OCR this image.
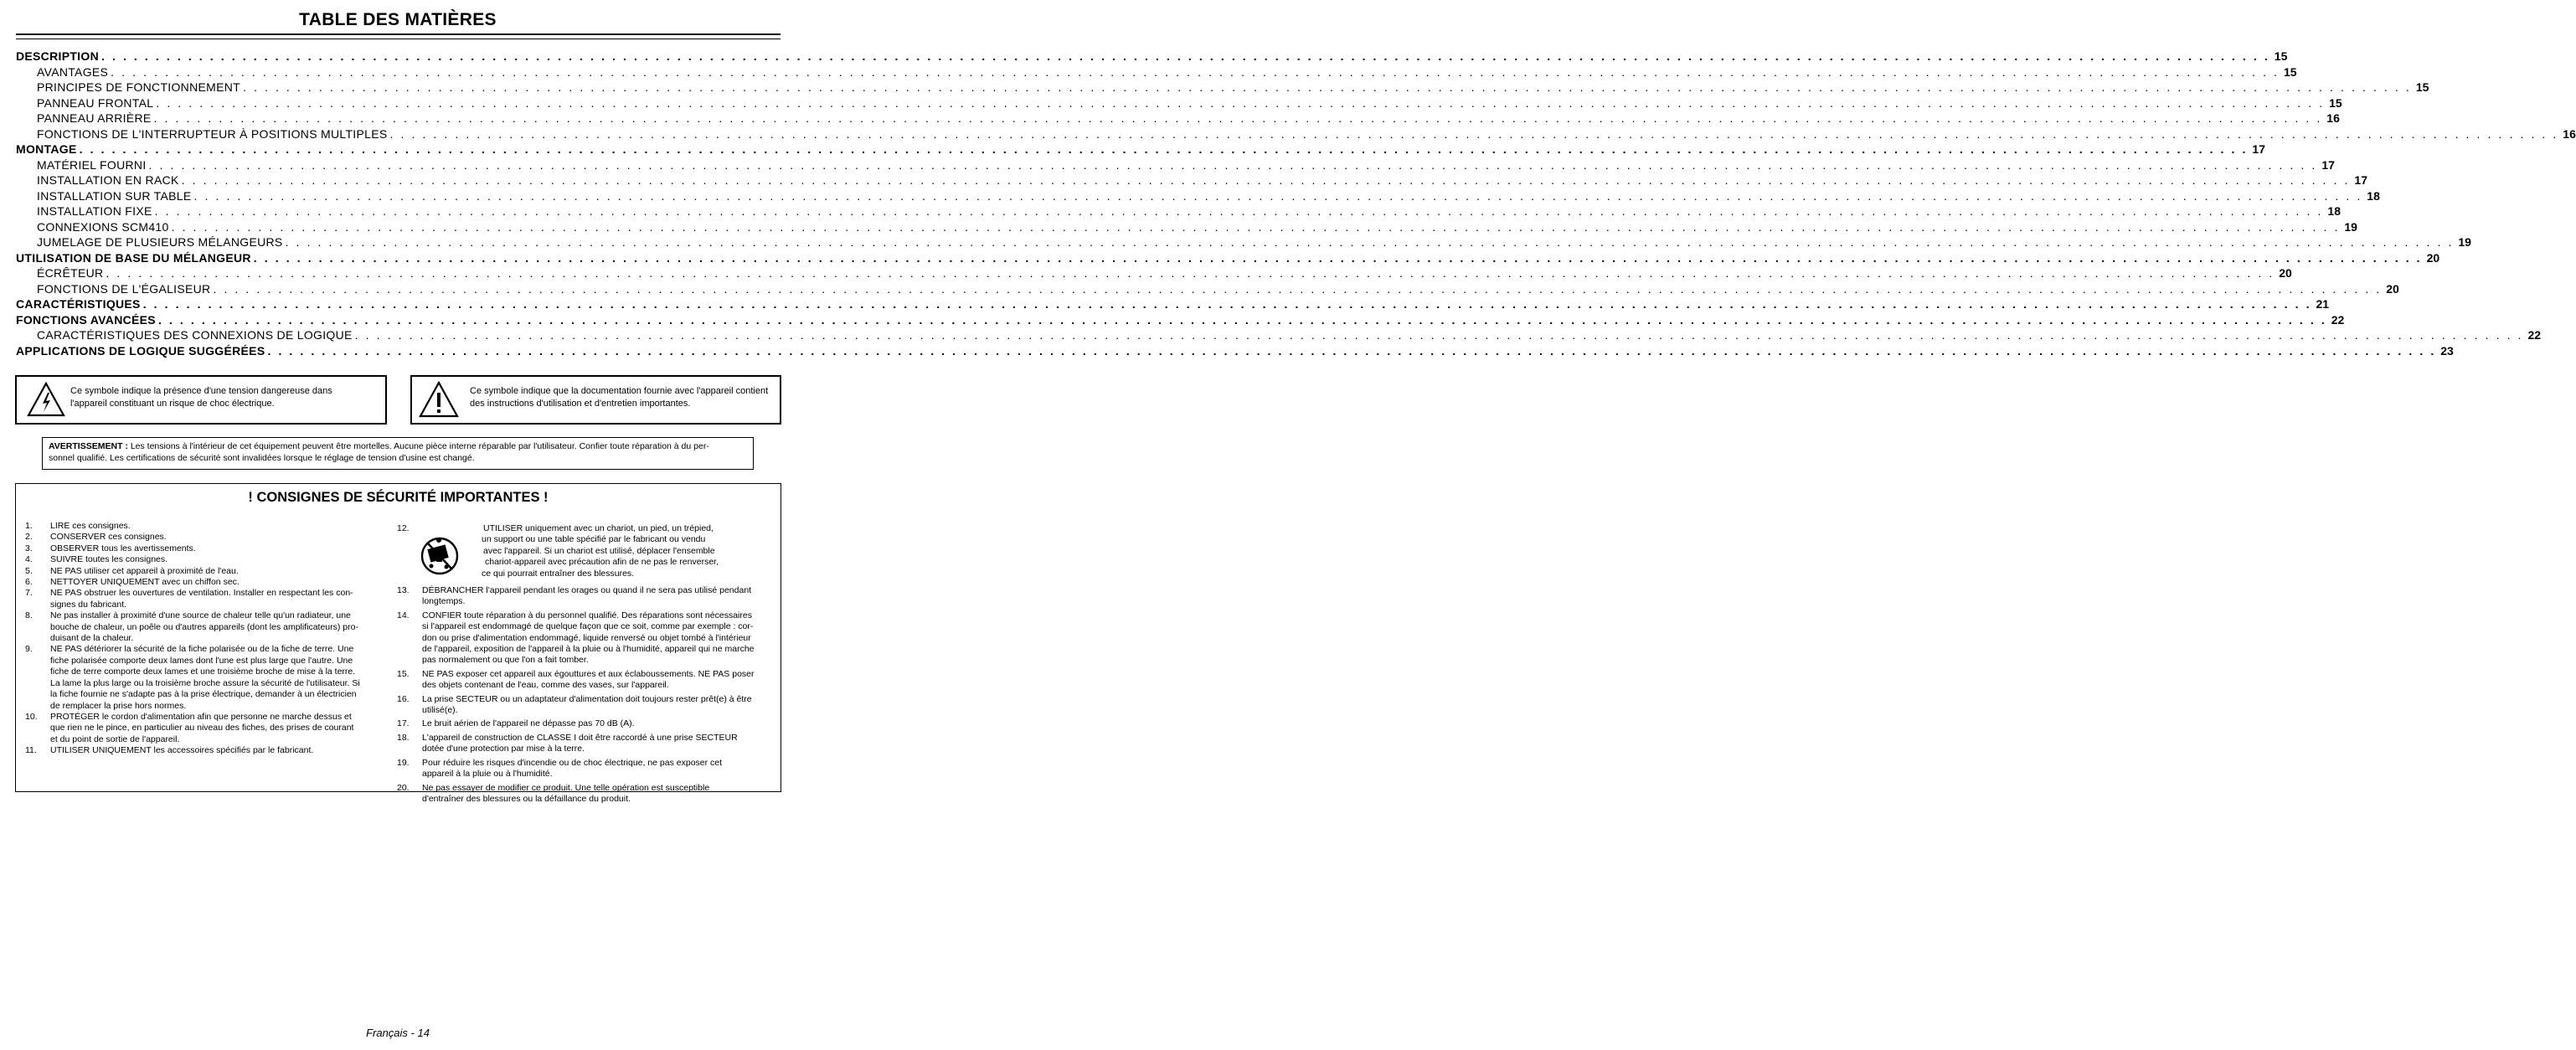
TABLE DES MATIÈRES
DESCRIPTION . . . . . . . . . . . . . . . . . . . . . . . . . . . . . . . . . . . . . . . . . . . . . . . . . . . . . . . . . . . . . . . . . . . . . . . . . . . . . . . . . . . . . . . . . . . . . . . . . . . . . . . . . . . . . . . . . . . . . . . . . . . . . . . . . . . . . . . . . . . . . . . . . . . . . . . . . . . . . . . . . . . . . . . . . . . . . . . . . . . . . . . . . . . . . . . . . . . . . . . . 15
AVANTAGES . . . . . . . . . . . . . . . . . . . . . . . . . . . . . . . . . . . . . . . . . . . . . . . . . . . . . . . . . . . . . . . . . . . . . . . . . . . . . . . . . . . . . . . . . . . . . . . . . . . . . . . . . . . . . . . . . . . . . . . . . . . . . . . . . . . . . . . . . . . . . . . . . . . . . . . . . . . . . . . . . . . . . . . . . . . . . . . . . . . . . . . . . . . . . . . . . . . . . . . . 15
PRINCIPES DE FONCTIONNEMENT . . . . . . . . . . . . . . . . . . . . . . . . . . . . . . . . . . . . . . . . . . . . . . . . . . . . . . . . . . . . . . . . . . . . . . . . . . . . . . . . . . . . . . . . . . . . . . . . . . . . . . . . . . . . . . . . . . . . . . . . . . . . . . . . . . . . . . . . . . . . . . . . . . . . . . . . . . . . . . . . . . . . . . . . . . . . . . . . . . . . . . . . . . . . . . . . . . . . . . . . 15
PANNEAU FRONTAL . . . . . . . . . . . . . . . . . . . . . . . . . . . . . . . . . . . . . . . . . . . . . . . . . . . . . . . . . . . . . . . . . . . . . . . . . . . . . . . . . . . . . . . . . . . . . . . . . . . . . . . . . . . . . . . . . . . . . . . . . . . . . . . . . . . . . . . . . . . . . . . . . . . . . . . . . . . . . . . . . . . . . . . . . . . . . . . . . . . . . . . . . . . . . . . . . . . . . . . . 15
PANNEAU ARRIÈRE . . . . . . . . . . . . . . . . . . . . . . . . . . . . . . . . . . . . . . . . . . . . . . . . . . . . . . . . . . . . . . . . . . . . . . . . . . . . . . . . . . . . . . . . . . . . . . . . . . . . . . . . . . . . . . . . . . . . . . . . . . . . . . . . . . . . . . . . . . . . . . . . . . . . . . . . . . . . . . . . . . . . . . . . . . . . . . . . . . . . . . . . . . . . . . . . . . . . . . . . 16
FONCTIONS DE L'INTERRUPTEUR À POSITIONS MULTIPLES . . . . . . . . . . . . . . . . . . . . . . . . . . . . . . . . . . . . . . . . . . . . . . . . . . . . . . . . . . . . . . . . . . . . . . . . . . . . . . . . . . . . . . . . . . . . . . . . . . . . . . . . . . . . . . . . . . . . . . . . . . . . . . . . . . . . . . . . . . . . . . . . . . . . . . . . . . . . . . . . . . . . . . . . . . . . . . . . . . . . . . . . . . . . . . . . . . . . . . . . 16
MONTAGE . . . . . . . . . . . . . . . . . . . . . . . . . . . . . . . . . . . . . . . . . . . . . . . . . . . . . . . . . . . . . . . . . . . . . . . . . . . . . . . . . . . . . . . . . . . . . . . . . . . . . . . . . . . . . . . . . . . . . . . . . . . . . . . . . . . . . . . . . . . . . . . . . . . . . . . . . . . . . . . . . . . . . . . . . . . . . . . . . . . . . . . . . . . . . . . . . . . . . . . . 17
MATÉRIEL FOURNI . . . . . . . . . . . . . . . . . . . . . . . . . . . . . . . . . . . . . . . . . . . . . . . . . . . . . . . . . . . . . . . . . . . . . . . . . . . . . . . . . . . . . . . . . . . . . . . . . . . . . . . . . . . . . . . . . . . . . . . . . . . . . . . . . . . . . . . . . . . . . . . . . . . . . . . . . . . . . . . . . . . . . . . . . . . . . . . . . . . . . . . . . . . . . . . . . . . . . . . . 17
INSTALLATION EN RACK . . . . . . . . . . . . . . . . . . . . . . . . . . . . . . . . . . . . . . . . . . . . . . . . . . . . . . . . . . . . . . . . . . . . . . . . . . . . . . . . . . . . . . . . . . . . . . . . . . . . . . . . . . . . . . . . . . . . . . . . . . . . . . . . . . . . . . . . . . . . . . . . . . . . . . . . . . . . . . . . . . . . . . . . . . . . . . . . . . . . . . . . . . . . . . . . . . . . . . . . 17
INSTALLATION SUR TABLE . . . . . . . . . . . . . . . . . . . . . . . . . . . . . . . . . . . . . . . . . . . . . . . . . . . . . . . . . . . . . . . . . . . . . . . . . . . . . . . . . . . . . . . . . . . . . . . . . . . . . . . . . . . . . . . . . . . . . . . . . . . . . . . . . . . . . . . . . . . . . . . . . . . . . . . . . . . . . . . . . . . . . . . . . . . . . . . . . . . . . . . . . . . . . . . . . . . . . . . . 18
INSTALLATION FIXE . . . . . . . . . . . . . . . . . . . . . . . . . . . . . . . . . . . . . . . . . . . . . . . . . . . . . . . . . . . . . . . . . . . . . . . . . . . . . . . . . . . . . . . . . . . . . . . . . . . . . . . . . . . . . . . . . . . . . . . . . . . . . . . . . . . . . . . . . . . . . . . . . . . . . . . . . . . . . . . . . . . . . . . . . . . . . . . . . . . . . . . . . . . . . . . . . . . . . . . . 18
CONNEXIONS SCM410 . . . . . . . . . . . . . . . . . . . . . . . . . . . . . . . . . . . . . . . . . . . . . . . . . . . . . . . . . . . . . . . . . . . . . . . . . . . . . . . . . . . . . . . . . . . . . . . . . . . . . . . . . . . . . . . . . . . . . . . . . . . . . . . . . . . . . . . . . . . . . . . . . . . . . . . . . . . . . . . . . . . . . . . . . . . . . . . . . . . . . . . . . . . . . . . . . . . . . . . . 19
JUMELAGE DE PLUSIEURS MÉLANGEURS . . . . . . . . . . . . . . . . . . . . . . . . . . . . . . . . . . . . . . . . . . . . . . . . . . . . . . . . . . . . . . . . . . . . . . . . . . . . . . . . . . . . . . . . . . . . . . . . . . . . . . . . . . . . . . . . . . . . . . . . . . . . . . . . . . . . . . . . . . . . . . . . . . . . . . . . . . . . . . . . . . . . . . . . . . . . . . . . . . . . . . . . . . . . . . . . . . . . . . . . 19
UTILISATION DE BASE DU MÉLANGEUR . . . . . . . . . . . . . . . . . . . . . . . . . . . . . . . . . . . . . . . . . . . . . . . . . . . . . . . . . . . . . . . . . . . . . . . . . . . . . . . . . . . . . . . . . . . . . . . . . . . . . . . . . . . . . . . . . . . . . . . . . . . . . . . . . . . . . . . . . . . . . . . . . . . . . . . . . . . . . . . . . . . . . . . . . . . . . . . . . . . . . . . . . . . . . . . . . . . . . . . . 20
ÉCRÊTEUR . . . . . . . . . . . . . . . . . . . . . . . . . . . . . . . . . . . . . . . . . . . . . . . . . . . . . . . . . . . . . . . . . . . . . . . . . . . . . . . . . . . . . . . . . . . . . . . . . . . . . . . . . . . . . . . . . . . . . . . . . . . . . . . . . . . . . . . . . . . . . . . . . . . . . . . . . . . . . . . . . . . . . . . . . . . . . . . . . . . . . . . . . . . . . . . . . . . . . . . . 20
FONCTIONS DE L'ÉGALISEUR . . . . . . . . . . . . . . . . . . . . . . . . . . . . . . . . . . . . . . . . . . . . . . . . . . . . . . . . . . . . . . . . . . . . . . . . . . . . . . . . . . . . . . . . . . . . . . . . . . . . . . . . . . . . . . . . . . . . . . . . . . . . . . . . . . . . . . . . . . . . . . . . . . . . . . . . . . . . . . . . . . . . . . . . . . . . . . . . . . . . . . . . . . . . . . . . . . . . . . . . 20
CARACTÉRISTIQUES . . . . . . . . . . . . . . . . . . . . . . . . . . . . . . . . . . . . . . . . . . . . . . . . . . . . . . . . . . . . . . . . . . . . . . . . . . . . . . . . . . . . . . . . . . . . . . . . . . . . . . . . . . . . . . . . . . . . . . . . . . . . . . . . . . . . . . . . . . . . . . . . . . . . . . . . . . . . . . . . . . . . . . . . . . . . . . . . . . . . . . . . . . . . . . . . . . . . . . . . 21
FONCTIONS AVANCÉES . . . . . . . . . . . . . . . . . . . . . . . . . . . . . . . . . . . . . . . . . . . . . . . . . . . . . . . . . . . . . . . . . . . . . . . . . . . . . . . . . . . . . . . . . . . . . . . . . . . . . . . . . . . . . . . . . . . . . . . . . . . . . . . . . . . . . . . . . . . . . . . . . . . . . . . . . . . . . . . . . . . . . . . . . . . . . . . . . . . . . . . . . . . . . . . . . . . . . . . . 22
CARACTÉRISTIQUES DES CONNEXIONS DE LOGIQUE . . . . . . . . . . . . . . . . . . . . . . . . . . . . . . . . . . . . . . . . . . . . . . . . . . . . . . . . . . . . . . . . . . . . . . . . . . . . . . . . . . . . . . . . . . . . . . . . . . . . . . . . . . . . . . . . . . . . . . . . . . . . . . . . . . . . . . . . . . . . . . . . . . . . . . . . . . . . . . . . . . . . . . . . . . . . . . . . . . . . . . . . . . . . . . . . . . . . . . . . 22
APPLICATIONS DE LOGIQUE SUGGÉRÉES . . . . . . . . . . . . . . . . . . . . . . . . . . . . . . . . . . . . . . . . . . . . . . . . . . . . . . . . . . . . . . . . . . . . . . . . . . . . . . . . . . . . . . . . . . . . . . . . . . . . . . . . . . . . . . . . . . . . . . . . . . . . . . . . . . . . . . . . . . . . . . . . . . . . . . . . . . . . . . . . . . . . . . . . . . . . . . . . . . . . . . . . . . . . . . . . . . . . . . . . 23
Ce symbole indique la présence d'une tension dangereuse dans
l'appareil constituant un risque de choc électrique.
Ce symbole indique que la documentation fournie avec l'appareil contient
des instructions d'utilisation et d'entretien importantes.
AVERTISSEMENT : Les tensions à l'intérieur de cet équipement peuvent être mortelles. Aucune pièce interne réparable par l'utilisateur. Confier toute réparation à du per-
sonnel qualifié. Les certifications de sécurité sont invalidées lorsque le réglage de tension d'usine est changé.
! CONSIGNES DE SÉCURITÉ IMPORTANTES !
1. LIRE ces consignes.
2. CONSERVER ces consignes.
3. OBSERVER tous les avertissements.
4. SUIVRE toutes les consignes.
5. NE PAS utiliser cet appareil à proximité de l'eau.
6. NETTOYER UNIQUEMENT avec un chiffon sec.
7. NE PAS obstruer les ouvertures de ventilation. Installer en respectant les con-
signes du fabricant.
8. Ne pas installer à proximité d'une source de chaleur telle qu'un radiateur, une
bouche de chaleur, un poêle ou d'autres appareils (dont les amplificateurs) pro-
duisant de la chaleur.
9. NE PAS détériorer la sécurité de la fiche polarisée ou de la fiche de terre. Une
fiche polarisée comporte deux lames dont l'une est plus large que l'autre. Une
fiche de terre comporte deux lames et une troisième broche de mise à la terre.
La lame la plus large ou la troisième broche assure la sécurité de l'utilisateur. Si
la fiche fournie ne s'adapte pas à la prise électrique, demander à un électricien
de remplacer la prise hors normes.
10. PROTÉGER le cordon d'alimentation afin que personne ne marche dessus et
que rien ne le pince, en particulier au niveau des fiches, des prises de courant
et du point de sortie de l'appareil.
11. UTILISER UNIQUEMENT les accessoires spécifiés par le fabricant.
12.	UTILISER uniquement avec un chariot, un pied, un trépied,
un support ou une table spécifié par le fabricant ou vendu
avec l'appareil. Si un chariot est utilisé, déplacer l'ensemble
chariot-appareil avec précaution afin de ne pas le renverser,
ce qui pourrait entraîner des blessures.
13. DÉBRANCHER l'appareil pendant les orages ou quand il ne sera pas utilisé pendant
longtemps.
14. CONFIER toute réparation à du personnel qualifié. Des réparations sont nécessaires
si l'appareil est endommagé de quelque façon que ce soit, comme par exemple : cor-
don ou prise d'alimentation endommagé, liquide renversé ou objet tombé à l'intérieur
de l'appareil, exposition de l'appareil à la pluie ou à l'humidité, appareil qui ne marche
pas normalement ou que l'on a fait tomber.
15. NE PAS exposer cet appareil aux égouttures et aux éclaboussements. NE PAS poser
des objets contenant de l'eau, comme des vases, sur l'appareil.
16. La prise SECTEUR ou un adaptateur d'alimentation doit toujours rester prêt(e) à être
utilisé(e).
17. Le bruit aérien de l'appareil ne dépasse pas 70 dB (A).
18. L'appareil de construction de CLASSE I doit être raccordé à une prise SECTEUR
dotée d'une protection par mise à la terre.
19. Pour réduire les risques d'incendie ou de choc électrique, ne pas exposer cet
appareil à la pluie ou à l'humidité.
20. Ne pas essayer de modifier ce produit. Une telle opération est susceptible
d'entraîner des blessures ou la défaillance du produit.
Français - 14
